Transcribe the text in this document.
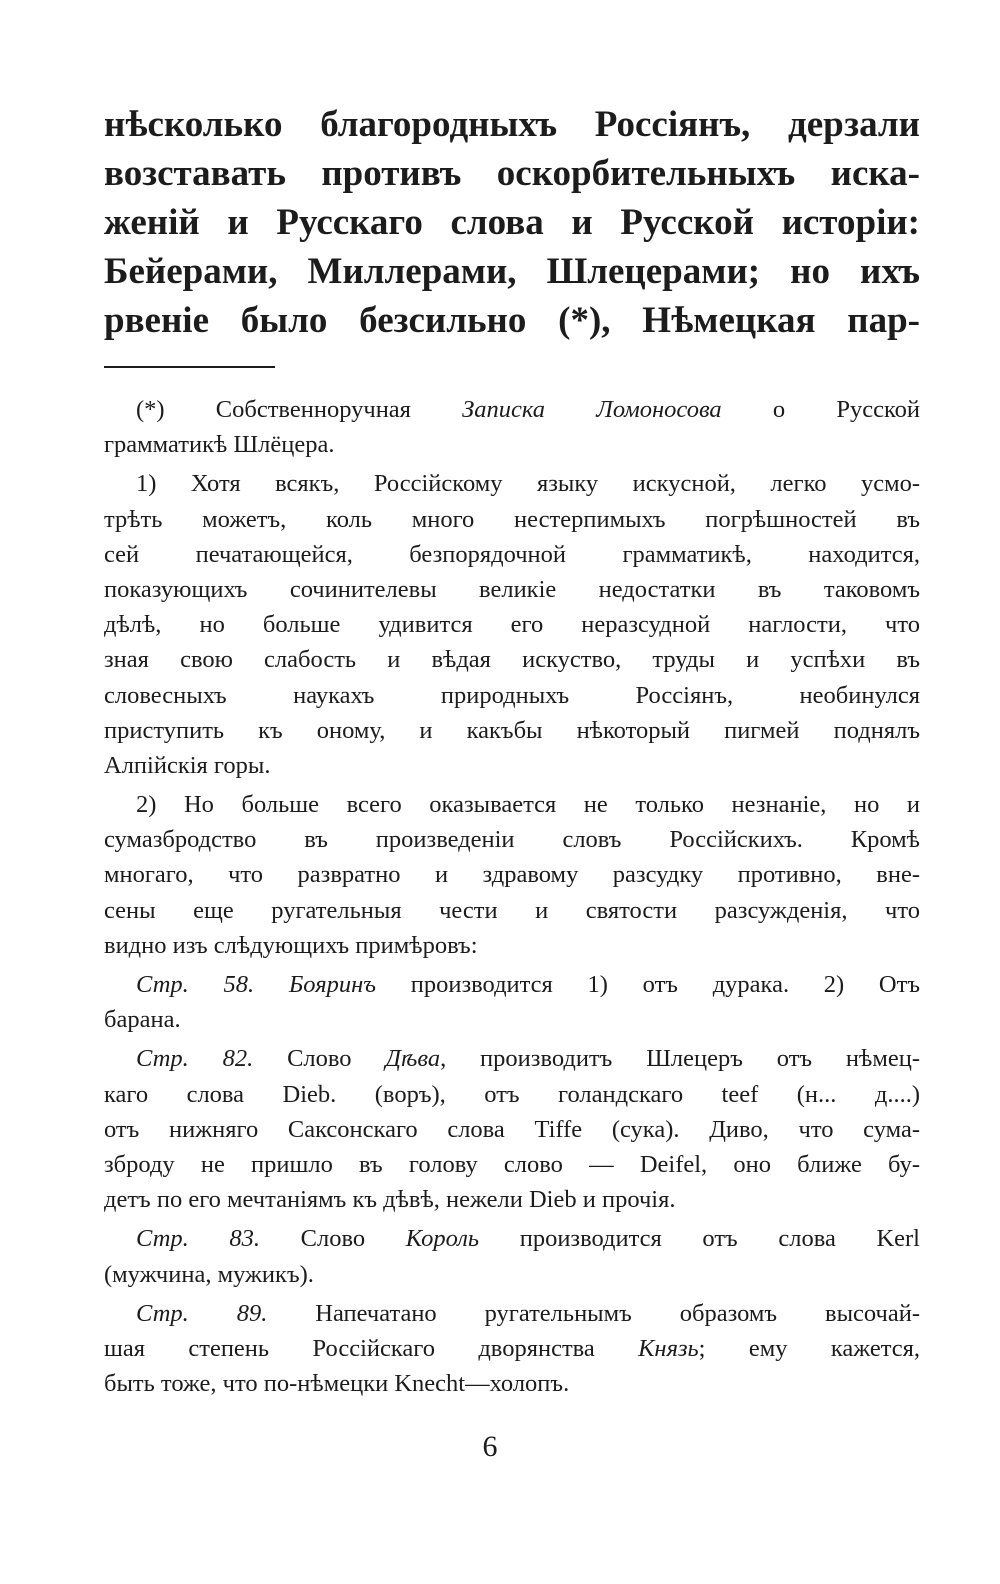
нѣсколько благородныхъ Россіянъ, дерзали
возставать противъ оскорбительныхъ иска-
женій и Русскаго слова и Русской исторіи:
Бейерами, Миллерами, Шлецерами; но ихъ
рвеніе было безсильно (*), Нѣмецкая пар-
(*) Собственноручная Записка Ломоносова о Русской
грамматикѣ Шлёцера.
1) Хотя всякъ, Россійскому языку искусной, легко усмо-
трѣть можетъ, коль много нестерпимыхъ погрѣшностей въ
сей печатающейся, безпорядочной грамматикѣ, находится,
показующихъ сочинителевы великіе недостатки въ таковомъ
дѣлѣ, но больше удивится его неразсудной наглости, что
зная свою слабость и вѣдая искуство, труды и успѣхи въ
словесныхъ наукахъ природныхъ Россіянъ, необинулся
приступить къ оному, и какъбы нѣкоторый пигмей поднялъ
Алпійскія горы.
2) Но больше всего оказывается не только незнаніе, но и
сумазбродство въ произведеніи словъ Россійскихъ. Кромѣ
многаго, что развратно и здравому разсудку противно, вне-
сены еще ругательныя чести и святости разсужденія, что
видно изъ слѣдующихъ примѣровъ:
Стр. 58. Бояринъ производится 1) отъ дурака. 2) Отъ
барана.
Стр. 82. Слово Дѣва, производитъ Шлецеръ отъ нѣмец-
каго слова Dieb. (воръ), отъ голандскаго teef (н... д....)
отъ нижняго Саксонскаго слова Tiffe (сука). Диво, что сума-
зброду не пришло въ голову слово — Deifel, оно ближе бу-
детъ по его мечтаніямъ къ дѣвѣ, нежели Dieb и прочія.
Стр. 83. Слово Король производится отъ слова Kerl
(мужчина, мужикъ).
Стр. 89. Напечатано ругательнымъ образомъ высочай-
шая степень Россійскаго дворянства Князь; ему кажется,
быть тоже, что по-нѣмецки Knecht—холопъ.
6
